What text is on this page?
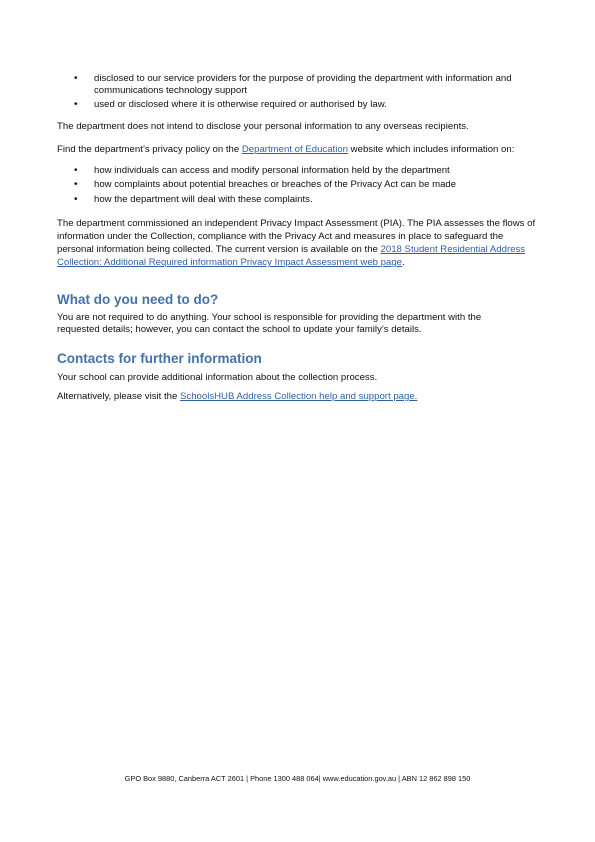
• disclosed to our service providers for the purpose of providing the department with information and
communications technology support
• used or disclosed where it is otherwise required or authorised by law.

The department does not intend to disclose your personal information to any overseas recipients.

Find the department’s privacy policy on the Department of Education website which includes information on:

• how individuals can access and modify personal information held by the department
• how complaints about potential breaches or breaches of the Privacy Act can be made
• how the department will deal with these complaints.

The department commissioned an independent Privacy Impact Assessment (PIA). The PIA assesses the flows of
information under the Collection, compliance with the Privacy Act and measures in place to safeguard the
personal information being collected. The current version is available on the 2018 Student Residential Address
Collection: Additional Required information Privacy Impact Assessment web page.

What do you need to do?

You are not required to do anything. Your school is responsible for providing the department with the
requested details; however, you can contact the school to update your family’s details.

Contacts for further information

Your school can provide additional information about the collection process.

Alternatively, please visit the SchoolsHUB Address Collection help and support page.

GPO Box 9880, Canberra ACT 2601 | Phone 1300 488 064| www.education.gov.au | ABN 12 862 898 150
